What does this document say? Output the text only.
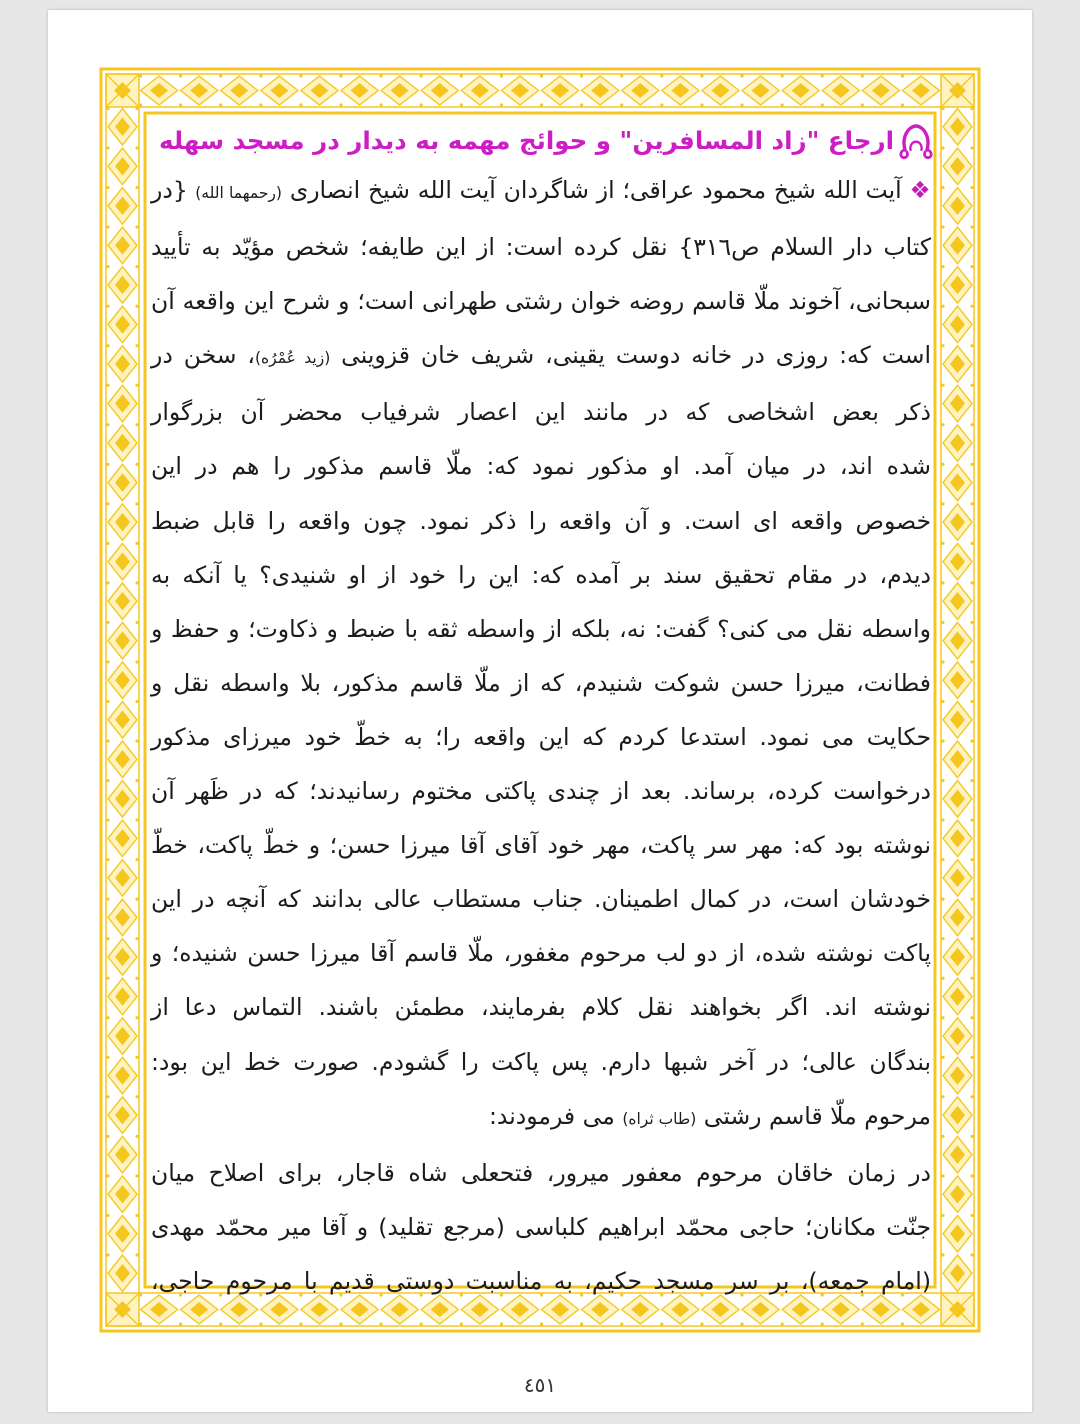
ارجاع "زاد المسافرین" و حوائج مهمه به دیدار در مسجد سهله
❖ آیت الله شیخ محمود عراقی؛ از شاگردان آیت الله شیخ انصاری (رحمهما الله) {در
کتاب دار السلام ص٣١٦} نقل کرده است: از این طایفه؛ شخص مؤیّد به تأیید
سبحانی، آخوند ملّا قاسم روضه خوان رشتی طهرانی است؛ و شرح این واقعه آن
است که: روزی در خانه دوست یقینی، شریف خان قزوینی (زید عُمْرُه)، سخن در
ذکر بعض اشخاصی که در مانند این اعصار شرفیاب محضر آن بزرگوار
شده اند، در میان آمد. او مذکور نمود که: ملّا قاسم مذکور را هم در این
خصوص واقعه ای است. و آن واقعه را ذکر نمود. چون واقعه را قابل ضبط
دیدم، در مقام تحقیق سند بر آمده که: این را خود از او شنیدی؟ یا آنکه به
واسطه نقل می کنی؟ گفت: نه، بلکه از واسطه ثقه با ضبط و ذکاوت؛ و حفظ و
فطانت، میرزا حسن شوکت شنیدم، که از ملّا قاسم مذکور، بلا واسطه نقل و
حکایت می نمود. استدعا کردم که این واقعه را؛ به خطّ خود میرزای مذکور
درخواست کرده، برساند. بعد از چندی پاکتی مختوم رسانیدند؛ که در ظَهر آن
نوشته بود که: مهر سر پاکت، مهر خود آقای آقا میرزا حسن؛ و خطّ پاکت، خطّ
خودشان است، در کمال اطمینان. جناب مستطاب عالی بدانند که آنچه در این
پاکت نوشته شده، از دو لب مرحوم مغفور، ملّا قاسم آقا میرزا حسن شنیده؛ و
نوشته اند. اگر بخواهند نقل کلام بفرمایند، مطمئن باشند. التماس دعا از
بندگان عالی؛ در آخر شبها دارم. پس پاکت را گشودم. صورت خط این بود:
مرحوم ملّا قاسم رشتی (طاب ثراه) می فرمودند:
در زمان خاقان مرحوم معفور میرور، فتحعلی شاه قاجار، برای اصلاح میان
جنّت مکانان؛ حاجی محمّد ابراهیم کلباسی (مرجع تقلید) و آقا میر محمّد مهدی
(امام جمعه)، بر سر مسجد حکیم، به مناسبت دوستی قدیم با مرحوم حاجی،
٤٥١
